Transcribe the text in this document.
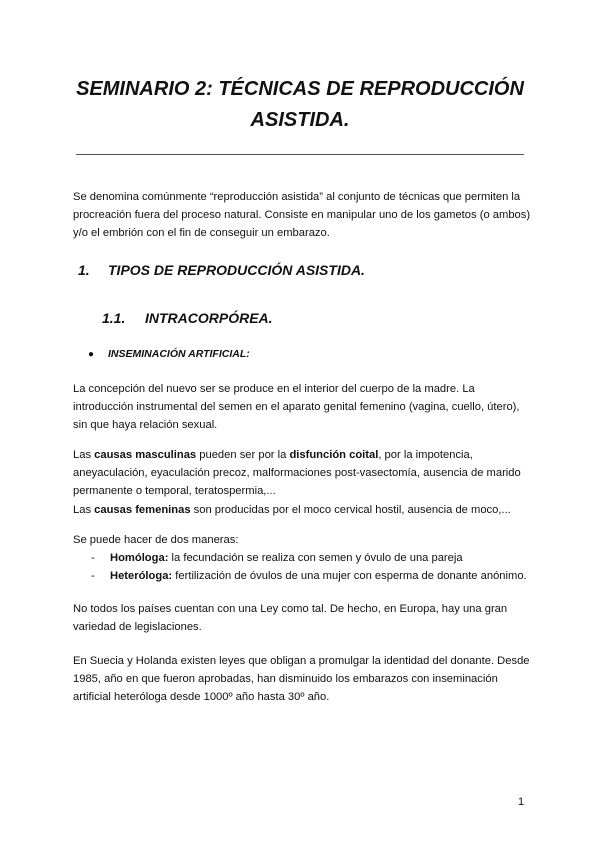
SEMINARIO 2: TÉCNICAS DE REPRODUCCIÓN
ASISTIDA.
Se denomina comúnmente “reproducción asistida” al conjunto de técnicas que permiten la
procreación fuera del proceso natural. Consiste en manipular uno de los gametos (o ambos)
y/o el embrión con el fin de conseguir un embarazo.
1. TIPOS DE REPRODUCCIÓN ASISTIDA.
1.1. INTRACORPÓREA.
● INSEMINACIÓN ARTIFICIAL:
La concepción del nuevo ser se produce en el interior del cuerpo de la madre. La
introducción instrumental del semen en el aparato genital femenino (vagina, cuello, útero),
sin que haya relación sexual.
Las causas masculinas pueden ser por la disfunción coital, por la impotencia,
aneyaculación, eyaculación precoz, malformaciones post-vasectomía, ausencia de marido
permanente o temporal, teratospermia,...
Las causas femeninas son producidas por el moco cervical hostil, ausencia de moco,...
Se puede hacer de dos maneras:
- Homóloga: la fecundación se realiza con semen y óvulo de una pareja
- Heteróloga: fertilización de óvulos de una mujer con esperma de donante anónimo.
No todos los países cuentan con una Ley como tal. De hecho, en Europa, hay una gran
variedad de legislaciones.
En Suecia y Holanda existen leyes que obligan a promulgar la identidad del donante. Desde
1985, año en que fueron aprobadas, han disminuido los embarazos con inseminación
artificial heteróloga desde 1000º año hasta 30º año.
1
